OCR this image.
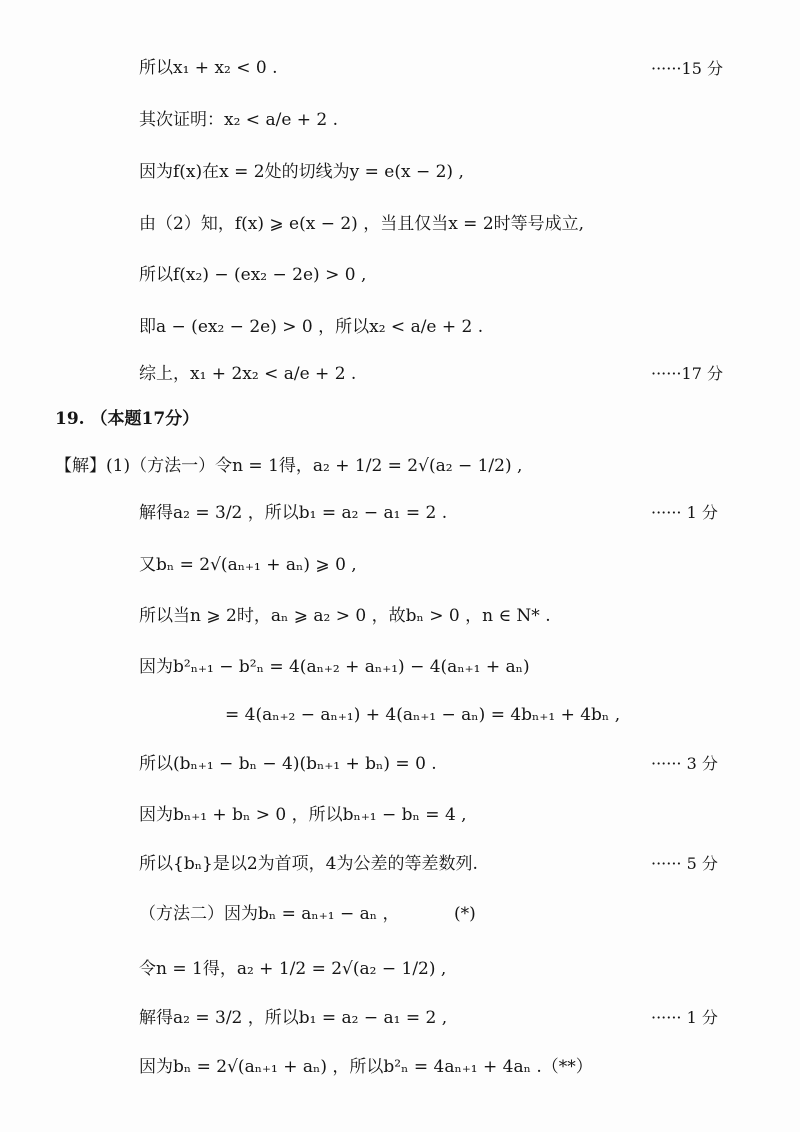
所以x₁ + x₂ < 0 .	······15 分
其次证明：x₂ < a/e + 2 .
因为f(x)在x = 2处的切线为y = e(x − 2) ,
由（2）知，f(x) ⩾ e(x − 2) ，当且仅当x = 2时等号成立,
所以f(x₂) − (ex₂ − 2e) > 0 ,
即a − (ex₂ − 2e) > 0 ，所以x₂ < a/e + 2 .
综上，x₁ + 2x₂ < a/e + 2 .	······17 分
19. （本题17分）
【解】(1)（方法一）令n = 1得，a₂ + 1/2 = 2√(a₂ − 1/2) ,
解得a₂ = 3/2 ，所以b₁ = a₂ − a₁ = 2 .	······ 1 分
又bₙ = 2√(aₙ₊₁ + aₙ) ⩾ 0 ,
所以当n ⩾ 2时，aₙ ⩾ a₂ > 0 ，故bₙ > 0 ，n ∈ N* .
因为b²ₙ₊₁ − b²ₙ = 4(aₙ₊₂ + aₙ₊₁) − 4(aₙ₊₁ + aₙ)
= 4(aₙ₊₂ − aₙ₊₁) + 4(aₙ₊₁ − aₙ) = 4bₙ₊₁ + 4bₙ ,
所以(bₙ₊₁ − bₙ − 4)(bₙ₊₁ + bₙ) = 0 .	······ 3 分
因为bₙ₊₁ + bₙ > 0 ，所以bₙ₊₁ − bₙ = 4 ,
所以{bₙ}是以2为首项，4为公差的等差数列.	······ 5 分
（方法二）因为bₙ = aₙ₊₁ − aₙ ，	(*)
令n = 1得，a₂ + 1/2 = 2√(a₂ − 1/2) ,
解得a₂ = 3/2 ，所以b₁ = a₂ − a₁ = 2 ,	······ 1 分
因为bₙ = 2√(aₙ₊₁ + aₙ) ，所以b²ₙ = 4aₙ₊₁ + 4aₙ .（**）
